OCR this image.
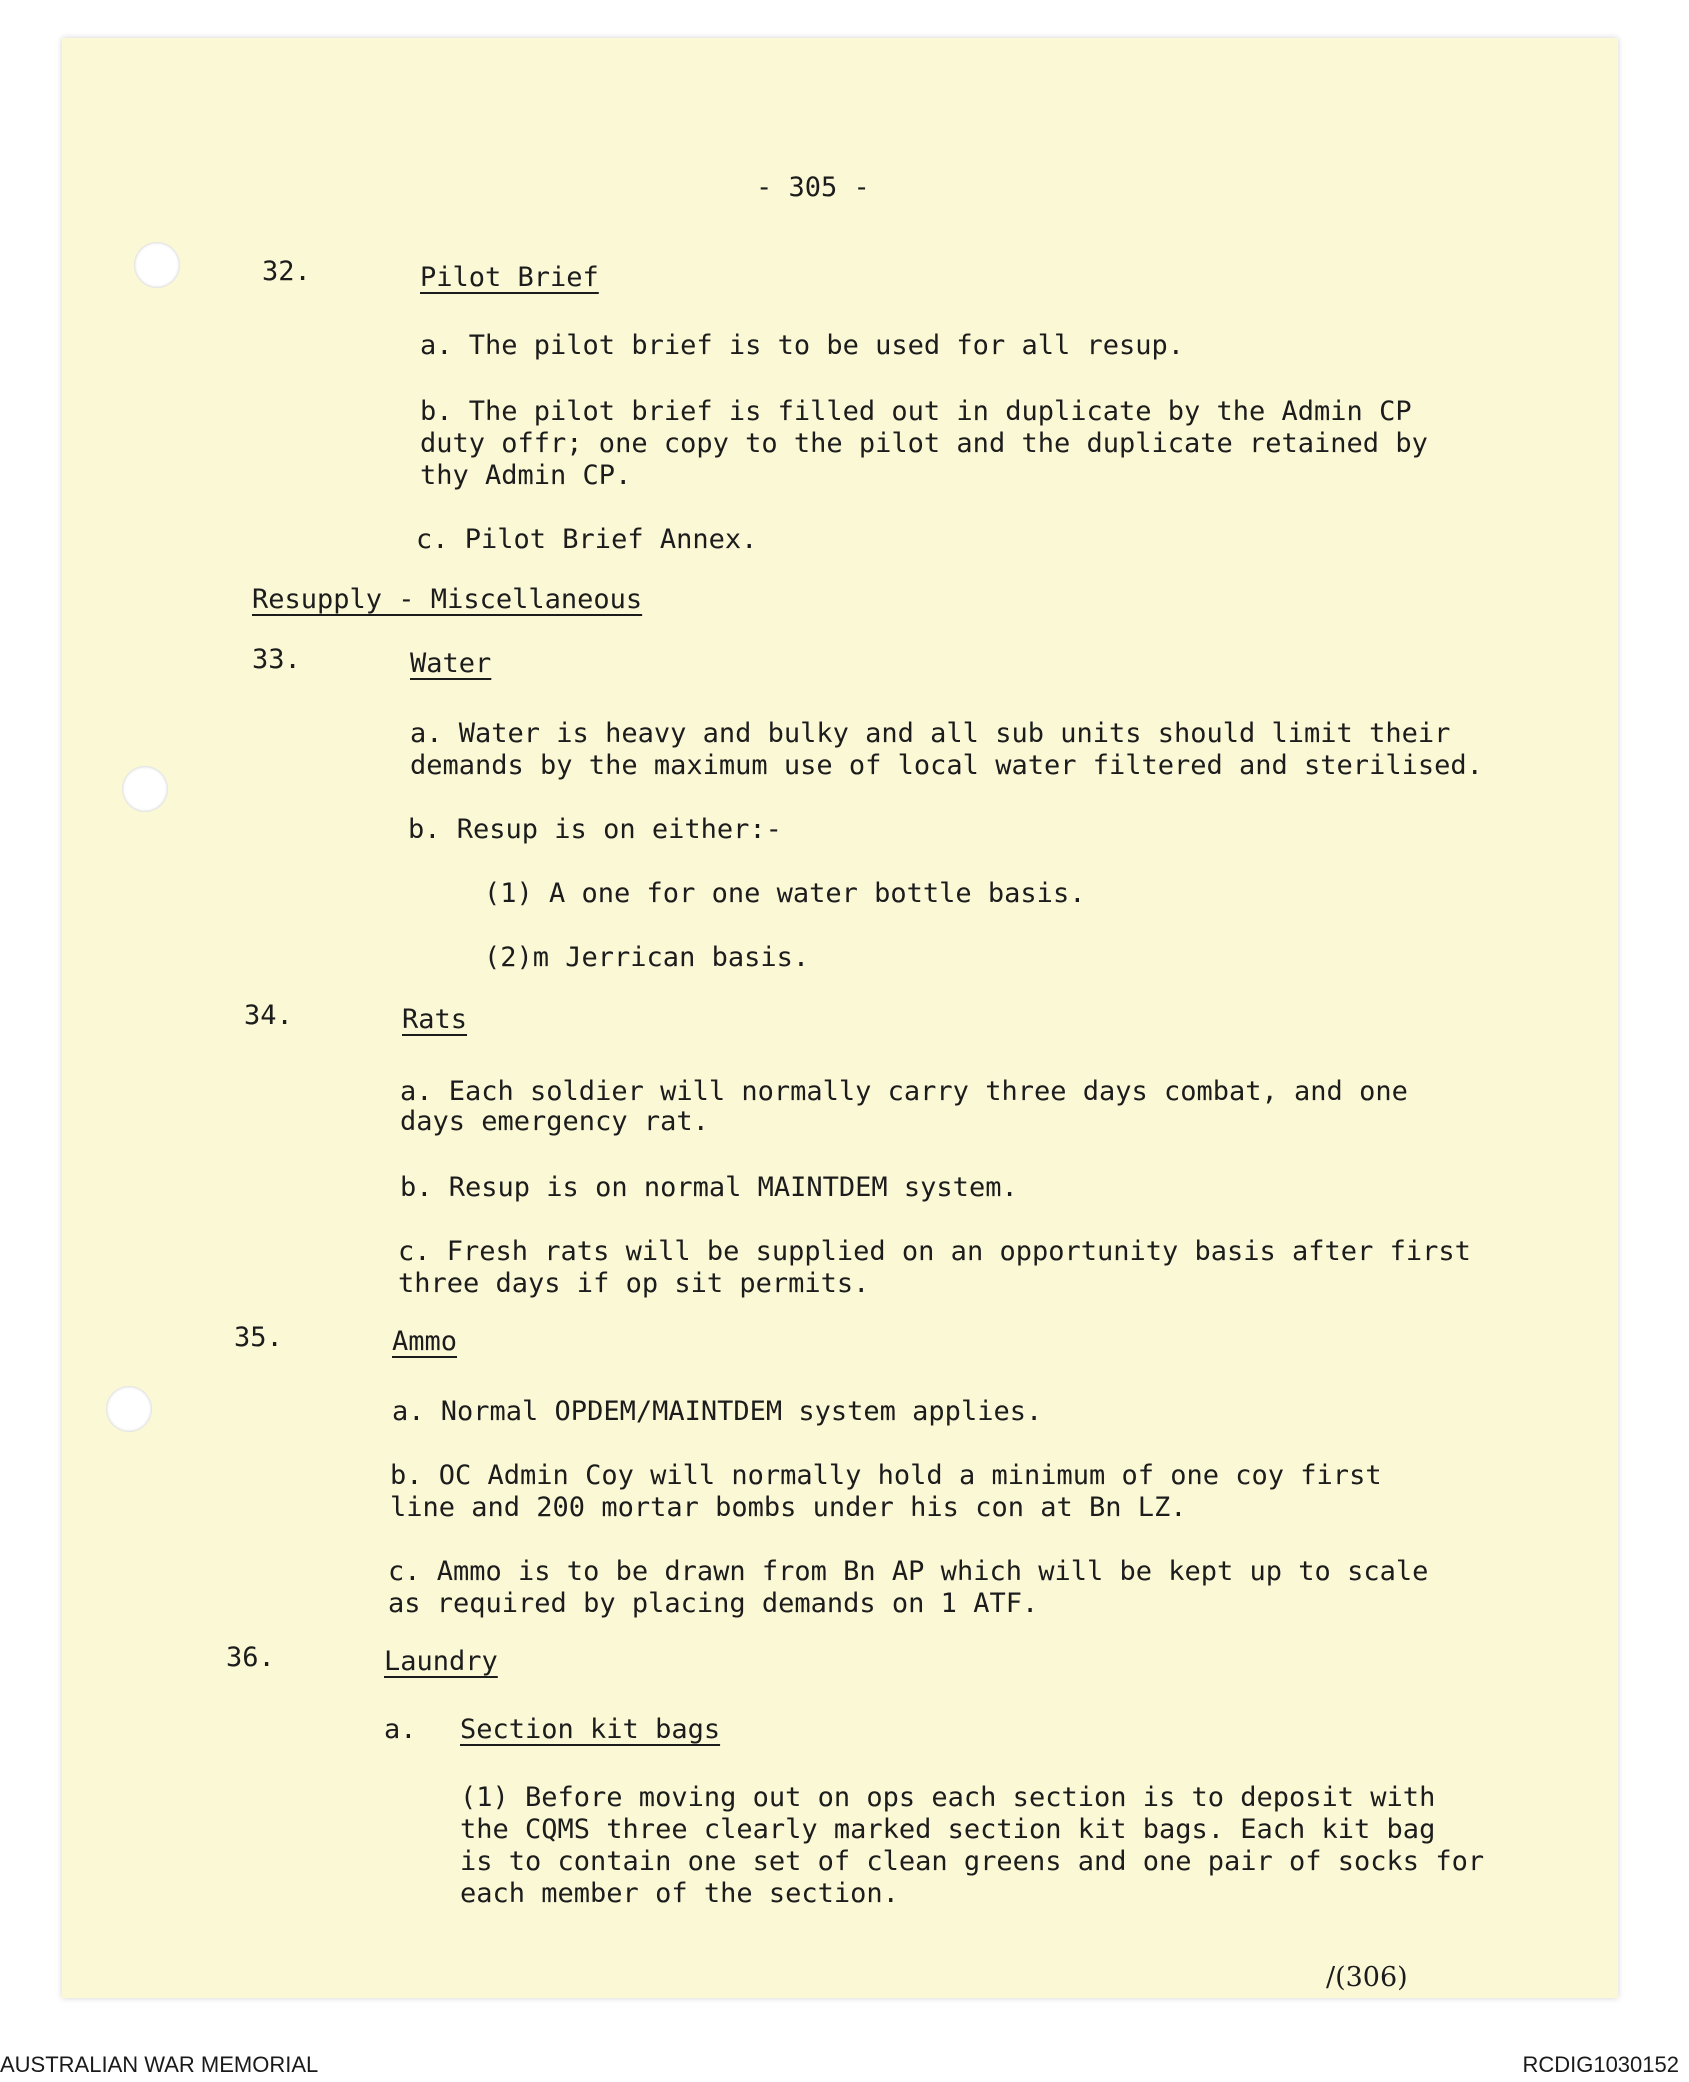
- 305 -
32.	Pilot Brief
a. The pilot brief is to be used for all resup.
b. The pilot brief is filled out in duplicate by the Admin CP
duty offr; one copy to the pilot and the duplicate retained by
thy Admin CP.
c. Pilot Brief Annex.
Resupply - Miscellaneous
33.	Water
a. Water is heavy and bulky and all sub units should limit their
demands by the maximum use of local water filtered and sterilised.
b. Resup is on either:-
(1) A one for one water bottle basis.
(2)m Jerrican basis.
34.	Rats
a. Each soldier will normally carry three days combat, and one
days emergency rat.
b. Resup is on normal MAINTDEM system.
c. Fresh rats will be supplied on an opportunity basis after first
three days if op sit permits.
35.	Ammo
a. Normal OPDEM/MAINTDEM system applies.
b. OC Admin Coy will normally hold a minimum of one coy first
line and 200 mortar bombs under his con at Bn LZ.
c. Ammo is to be drawn from Bn AP which will be kept up to scale
as required by placing demands on 1 ATF.
36.	Laundry
a. Section kit bags
(1) Before moving out on ops each section is to deposit with
the CQMS three clearly marked section kit bags. Each kit bag
is to contain one set of clean greens and one pair of socks for
each member of the section.
/(306)
AUSTRALIAN WAR MEMORIAL	RCDIG1030152
